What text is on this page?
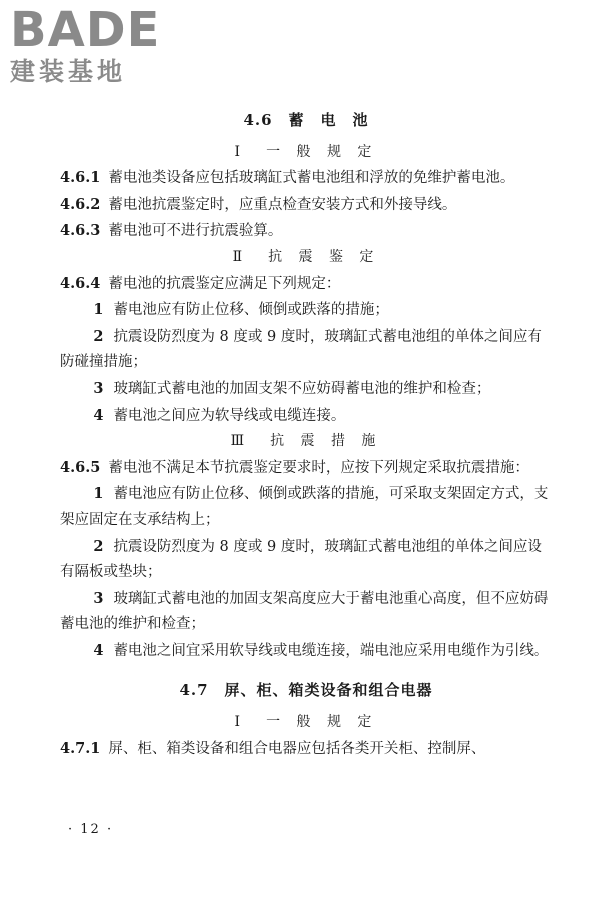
BADE
建装基地

4.6　蓄　电　池

Ⅰ　一 般 规 定

4.6.1 蓄电池类设备应包括玻璃缸式蓄电池组和浮放的免维护蓄电池。

4.6.2 蓄电池抗震鉴定时，应重点检查安装方式和外接导线。

4.6.3 蓄电池可不进行抗震验算。

Ⅱ　抗 震 鉴 定

4.6.4 蓄电池的抗震鉴定应满足下列规定：

1 蓄电池应有防止位移、倾倒或跌落的措施；

2 抗震设防烈度为 8 度或 9 度时，玻璃缸式蓄电池组的单体之间应有防碰撞措施；

3 玻璃缸式蓄电池的加固支架不应妨碍蓄电池的维护和检查；

4 蓄电池之间应为软导线或电缆连接。

Ⅲ　抗 震 措 施

4.6.5 蓄电池不满足本节抗震鉴定要求时，应按下列规定采取抗震措施：

1 蓄电池应有防止位移、倾倒或跌落的措施，可采取支架固定方式，支架应固定在支承结构上；

2 抗震设防烈度为 8 度或 9 度时，玻璃缸式蓄电池组的单体之间应设有隔板或垫块；

3 玻璃缸式蓄电池的加固支架高度应大于蓄电池重心高度，但不应妨碍蓄电池的维护和检查；

4 蓄电池之间宜采用软导线或电缆连接，端电池应采用电缆作为引线。

4.7　屏、柜、箱类设备和组合电器

Ⅰ　一 般 规 定

4.7.1 屏、柜、箱类设备和组合电器应包括各类开关柜、控制屏、

· 12 ·
